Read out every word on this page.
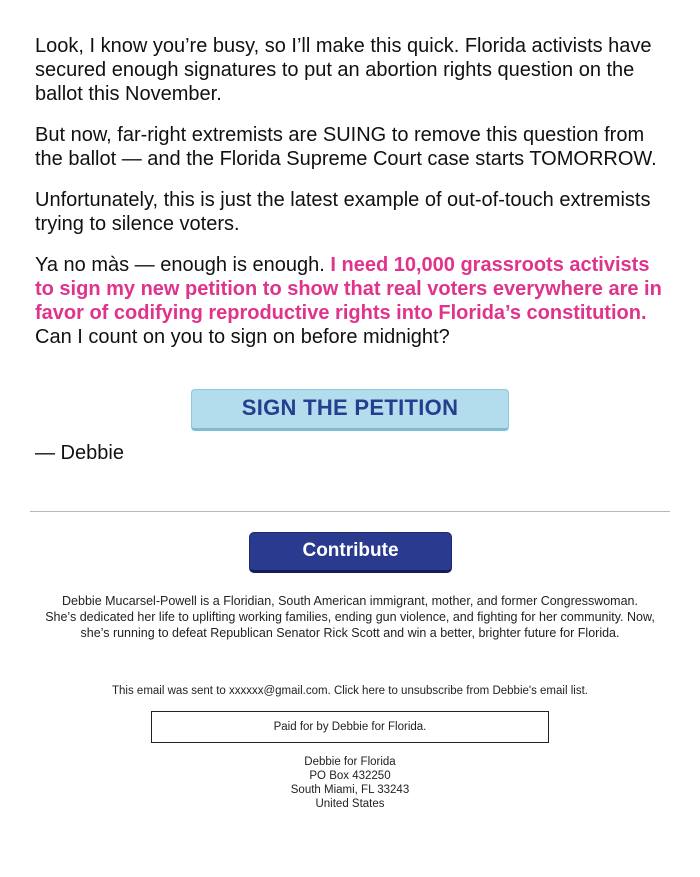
Look, I know you’re busy, so I’ll make this quick. Florida activists have secured enough signatures to put an abortion rights question on the ballot this November.

But now, far-right extremists are SUING to remove this question from the ballot — and the Florida Supreme Court case starts TOMORROW.

Unfortunately, this is just the latest example of out-of-touch extremists trying to silence voters.

Ya no màs — enough is enough. I need 10,000 grassroots activists to sign my new petition to show that real voters everywhere are in favor of codifying reproductive rights into Florida’s constitution. Can I count on you to sign on before midnight?

SIGN THE PETITION
— Debbie
Contribute

Debbie Mucarsel-Powell is a Floridian, South American immigrant, mother, and former Congresswoman. She’s dedicated her life to uplifting working families, ending gun violence, and fighting for her community. Now, she’s running to defeat Republican Senator Rick Scott and win a better, brighter future for Florida.

This email was sent to xxxxxx@gmail.com. Click here to unsubscribe from Debbie's email list.
Paid for by Debbie for Florida.
Debbie for Florida
PO Box 432250
South Miami, FL 33243
United States
